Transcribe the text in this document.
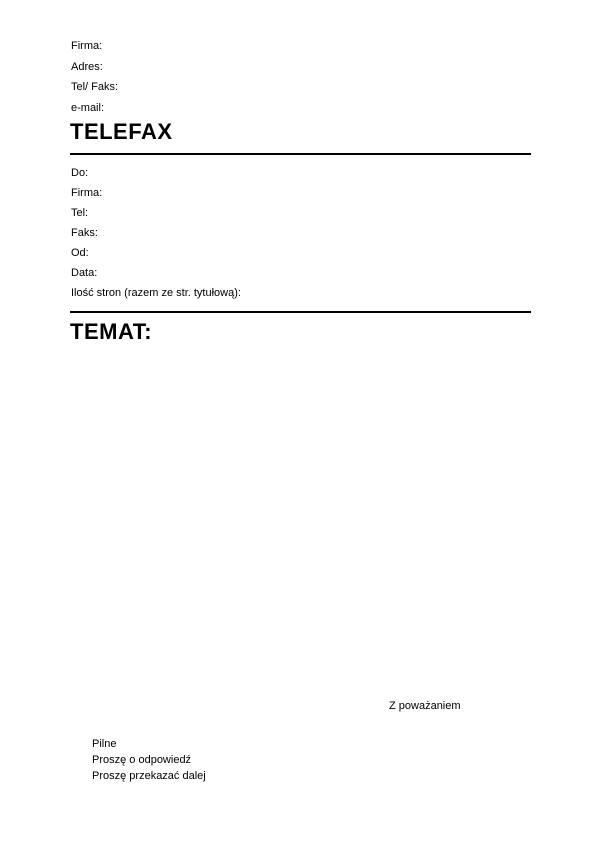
Firma:
Adres:
Tel/ Faks:
e-mail:
TELEFAX
Do:
Firma:
Tel:
Faks:
Od:
Data:
Ilość stron (razem ze str. tytułową):
TEMAT:
Z poważaniem
Pilne
Proszę o odpowiedź
Proszę przekazać dalej
